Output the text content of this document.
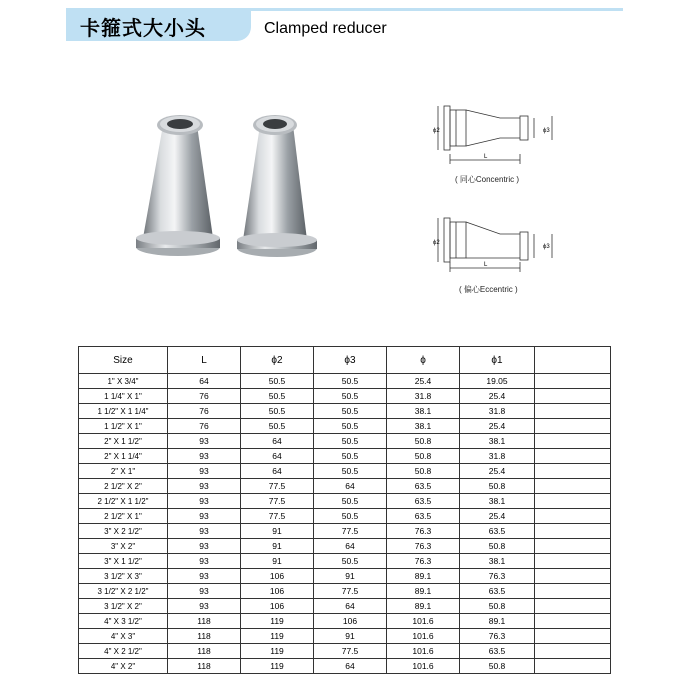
卡箍式大小头	Clamped reducer
ϕ2	ϕ3
L
( 同心Concentric )
ϕ2
ϕ3
L
( 偏心Eccentric )
Size	L	ϕ2	ϕ3	ϕ	ϕ1	
1" X 3/4"	64	50.5	50.5	25.4	19.05	
1 1/4" X 1"	76	50.5	50.5	31.8	25.4	
1 1/2" X 1 1/4"	76	50.5	50.5	38.1	31.8	
1 1/2" X 1"	76	50.5	50.5	38.1	25.4	
2" X 1 1/2"	93	64	50.5	50.8	38.1	
2" X 1 1/4"	93	64	50.5	50.8	31.8	
2" X 1"	93	64	50.5	50.8	25.4	
2 1/2" X 2"	93	77.5	64	63.5	50.8	
2 1/2" X 1 1/2"	93	77.5	50.5	63.5	38.1	
2 1/2" X 1"	93	77.5	50.5	63.5	25.4	
3" X 2 1/2"	93	91	77.5	76.3	63.5	
3" X 2"	93	91	64	76.3	50.8	
3" X 1 1/2"	93	91	50.5	76.3	38.1	
3 1/2" X 3"	93	106	91	89.1	76.3	
3 1/2" X 2 1/2"	93	106	77.5	89.1	63.5	
3 1/2" X 2"	93	106	64	89.1	50.8	
4" X 3 1/2"	118	119	106	101.6	89.1	
4" X 3"	118	119	91	101.6	76.3	
4" X 2 1/2"	118	119	77.5	101.6	63.5	
4" X 2"	118	119	64	101.6	50.8	
